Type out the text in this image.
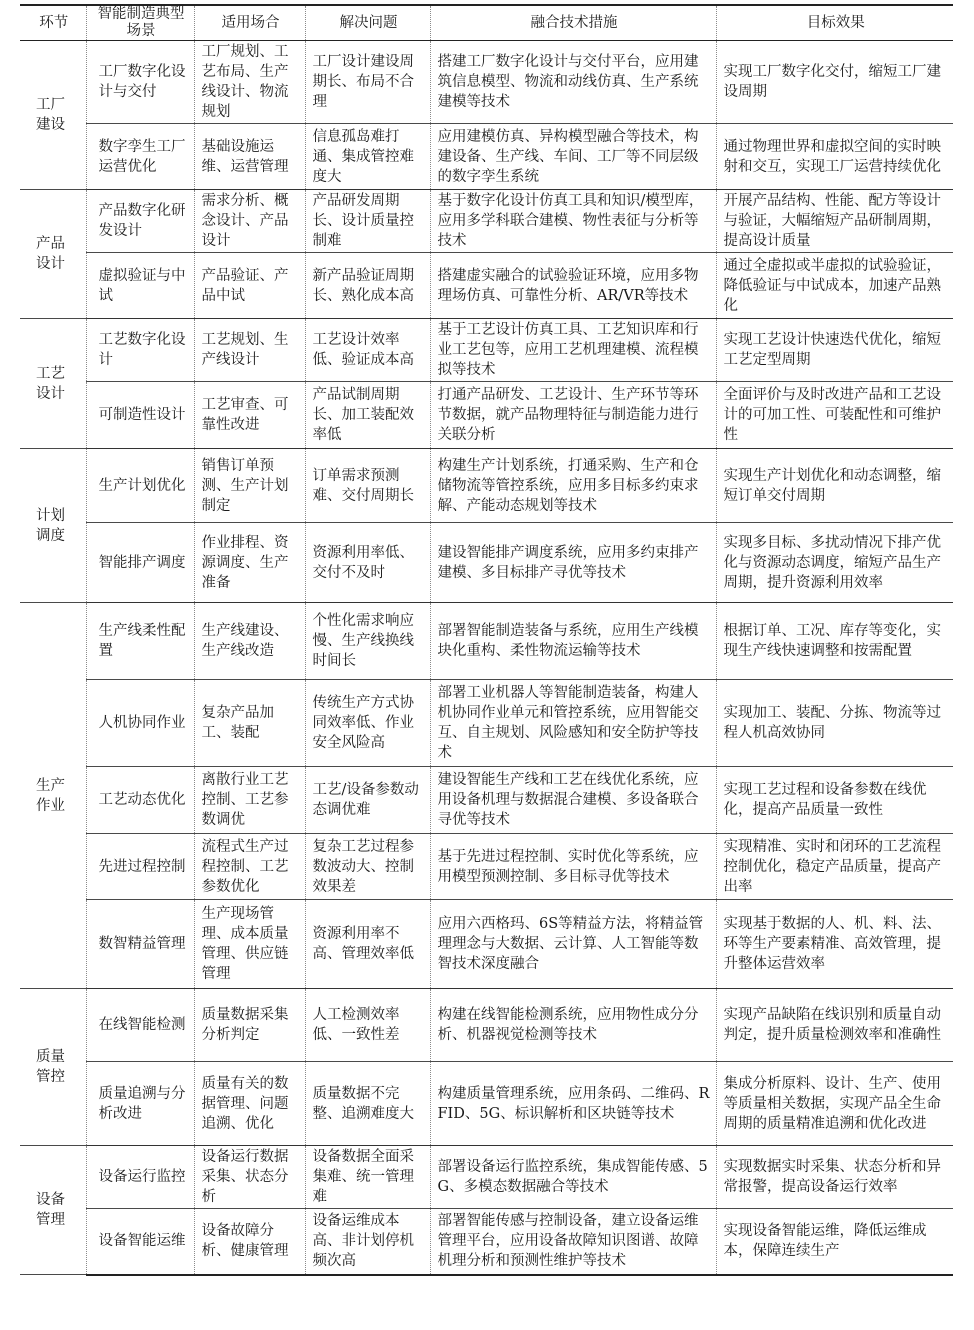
环节	智能制造典型场景	适用场合	解决问题	融合技术措施	目标效果
工厂建设	工厂数字化设计与交付	工厂规划、工艺布局、生产线设计、物流规划	工厂设计建设周期长、布局不合理	搭建工厂数字化设计与交付平台，应用建筑信息模型、物流和动线仿真、生产系统建模等技术	实现工厂数字化交付，缩短工厂建设周期
	数字孪生工厂运营优化	基础设施运维、运营管理	信息孤岛难打通、集成管控难度大	应用建模仿真、异构模型融合等技术，构建设备、生产线、车间、工厂等不同层级的数字孪生系统	通过物理世界和虚拟空间的实时映射和交互，实现工厂运营持续优化
产品设计	产品数字化研发设计	需求分析、概念设计、产品设计	产品研发周期长、设计质量控制难	基于数字化设计仿真工具和知识/模型库，应用多学科联合建模、物性表征与分析等技术	开展产品结构、性能、配方等设计与验证，大幅缩短产品研制周期，提高设计质量
	虚拟验证与中试	产品验证、产品中试	新产品验证周期长、熟化成本高	搭建虚实融合的试验验证环境，应用多物理场仿真、可靠性分析、AR/VR等技术	通过全虚拟或半虚拟的试验验证，降低验证与中试成本，加速产品熟化
工艺设计	工艺数字化设计	工艺规划、生产线设计	工艺设计效率低、验证成本高	基于工艺设计仿真工具、工艺知识库和行业工艺包等，应用工艺机理建模、流程模拟等技术	实现工艺设计快速迭代优化，缩短工艺定型周期
	可制造性设计	工艺审查、可靠性改进	产品试制周期长、加工装配效率低	打通产品研发、工艺设计、生产环节等环节数据，就产品物理特征与制造能力进行关联分析	全面评价与及时改进产品和工艺设计的可加工性、可装配性和可维护性
计划调度	生产计划优化	销售订单预测、生产计划制定	订单需求预测难、交付周期长	构建生产计划系统，打通采购、生产和仓储物流等管控系统，应用多目标多约束求解、产能动态规划等技术	实现生产计划优化和动态调整，缩短订单交付周期
	智能排产调度	作业排程、资源调度、生产准备	资源利用率低、交付不及时	建设智能排产调度系统，应用多约束排产建模、多目标排产寻优等技术	实现多目标、多扰动情况下排产优化与资源动态调度，缩短产品生产周期，提升资源利用效率
生产作业	生产线柔性配置	生产线建设、生产线改造	个性化需求响应慢、生产线换线时间长	部署智能制造装备与系统，应用生产线模块化重构、柔性物流运输等技术	根据订单、工况、库存等变化，实现生产线快速调整和按需配置
	人机协同作业	复杂产品加工、装配	传统生产方式协同效率低、作业安全风险高	部署工业机器人等智能制造装备，构建人机协同作业单元和管控系统，应用智能交互、自主规划、风险感知和安全防护等技术	实现加工、装配、分拣、物流等过程人机高效协同
	工艺动态优化	离散行业工艺控制、工艺参数调优	工艺/设备参数动态调优难	建设智能生产线和工艺在线优化系统，应用设备机理与数据混合建模、多设备联合寻优等技术	实现工艺过程和设备参数在线优化，提高产品质量一致性
	先进过程控制	流程式生产过程控制、工艺参数优化	复杂工艺过程参数波动大、控制效果差	基于先进过程控制、实时优化等系统，应用模型预测控制、多目标寻优等技术	实现精准、实时和闭环的工艺流程控制优化，稳定产品质量，提高产出率
	数智精益管理	生产现场管理、成本质量管理、供应链管理	资源利用率不高、管理效率低	应用六西格玛、6S等精益方法，将精益管理理念与大数据、云计算、人工智能等数智技术深度融合	实现基于数据的人、机、料、法、环等生产要素精准、高效管理，提升整体运营效率
质量管控	在线智能检测	质量数据采集分析判定	人工检测效率低、一致性差	构建在线智能检测系统，应用物性成分分析、机器视觉检测等技术	实现产品缺陷在线识别和质量自动判定，提升质量检测效率和准确性
	质量追溯与分析改进	质量有关的数据管理、问题追溯、优化	质量数据不完整、追溯难度大	构建质量管理系统，应用条码、二维码、RFID、5G、标识解析和区块链等技术	集成分析原料、设计、生产、使用等质量相关数据，实现产品全生命周期的质量精准追溯和优化改进
设备管理	设备运行监控	设备运行数据采集、状态分析	设备数据全面采集难、统一管理难	部署设备运行监控系统，集成智能传感、5G、多模态数据融合等技术	实现数据实时采集、状态分析和异常报警，提高设备运行效率
	设备智能运维	设备故障分析、健康管理	设备运维成本高、非计划停机频次高	部署智能传感与控制设备，建立设备运维管理平台，应用设备故障知识图谱、故障机理分析和预测性维护等技术	实现设备智能运维，降低运维成本，保障连续生产
